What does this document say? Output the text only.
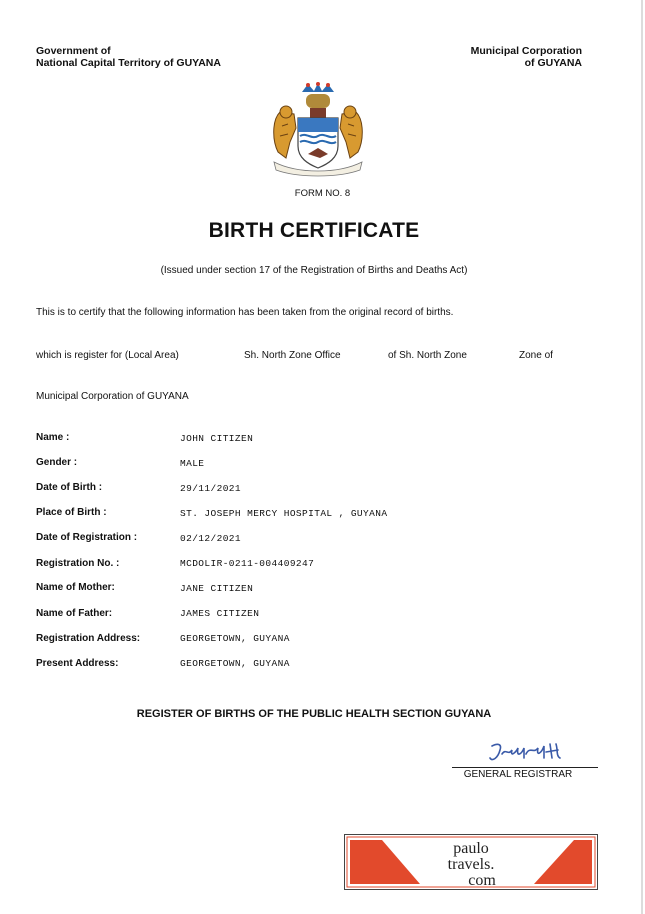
Government of
National Capital Territory of GUYANA
Municipal Corporation
of GUYANA
FORM NO. 8
BIRTH CERTIFICATE
(Issued under section 17 of the Registration of Births and Deaths Act)
This is to certify that the following information has been taken from the original record of births.
which is register for (Local Area)	Sh. North Zone Office	of Sh. North Zone	Zone of
Municipal Corporation of GUYANA
Name :	JOHN CITIZEN
Gender :	MALE
Date of Birth :	29/11/2021
Place of Birth :	ST. JOSEPH MERCY HOSPITAL , GUYANA
Date of Registration :	02/12/2021
Registration No. :	MCDOLIR-0211-004409247
Name of Mother:	JANE CITIZEN
Name of Father:	JAMES CITIZEN
Registration Address:	GEORGETOWN, GUYANA
Present Address:	GEORGETOWN, GUYANA
REGISTER OF BIRTHS OF THE PUBLIC HEALTH SECTION GUYANA
GENERAL REGISTRAR
paulo
travels.
com
